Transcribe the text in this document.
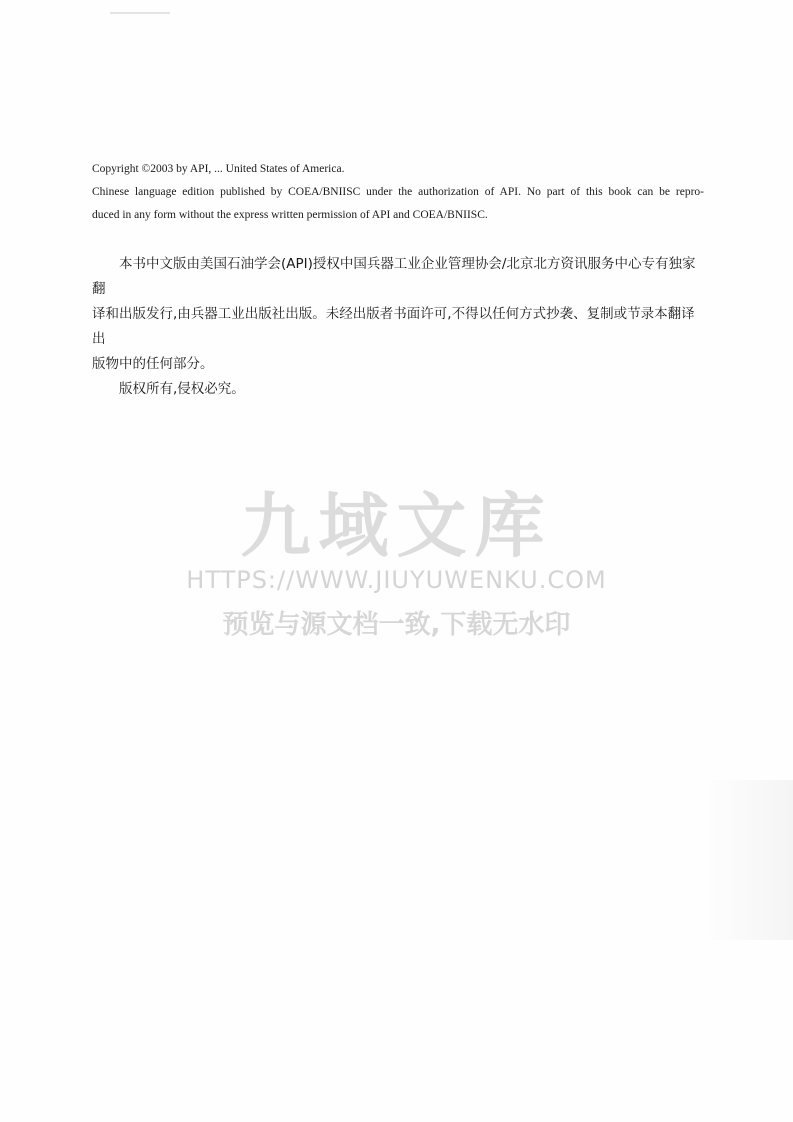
Copyright ©2003 by API, ... United States of America.

Chinese language edition published by COEA/BNIISC under the authorization of API. No part of this book can be repro-

duced in any form without the express written permission of API and COEA/BNIISC.

本书中文版由美国石油学会(API)授权中国兵器工业企业管理协会/北京北方资讯服务中心专有独家翻
译和出版发行,由兵器工业出版社出版。未经出版者书面许可,不得以任何方式抄袭、复制或节录本翻译出
版物中的任何部分。
版权所有,侵权必究。
九域文库
HTTPS://WWW.JIUYUWENKU.COM
预览与源文档一致,下载无水印
